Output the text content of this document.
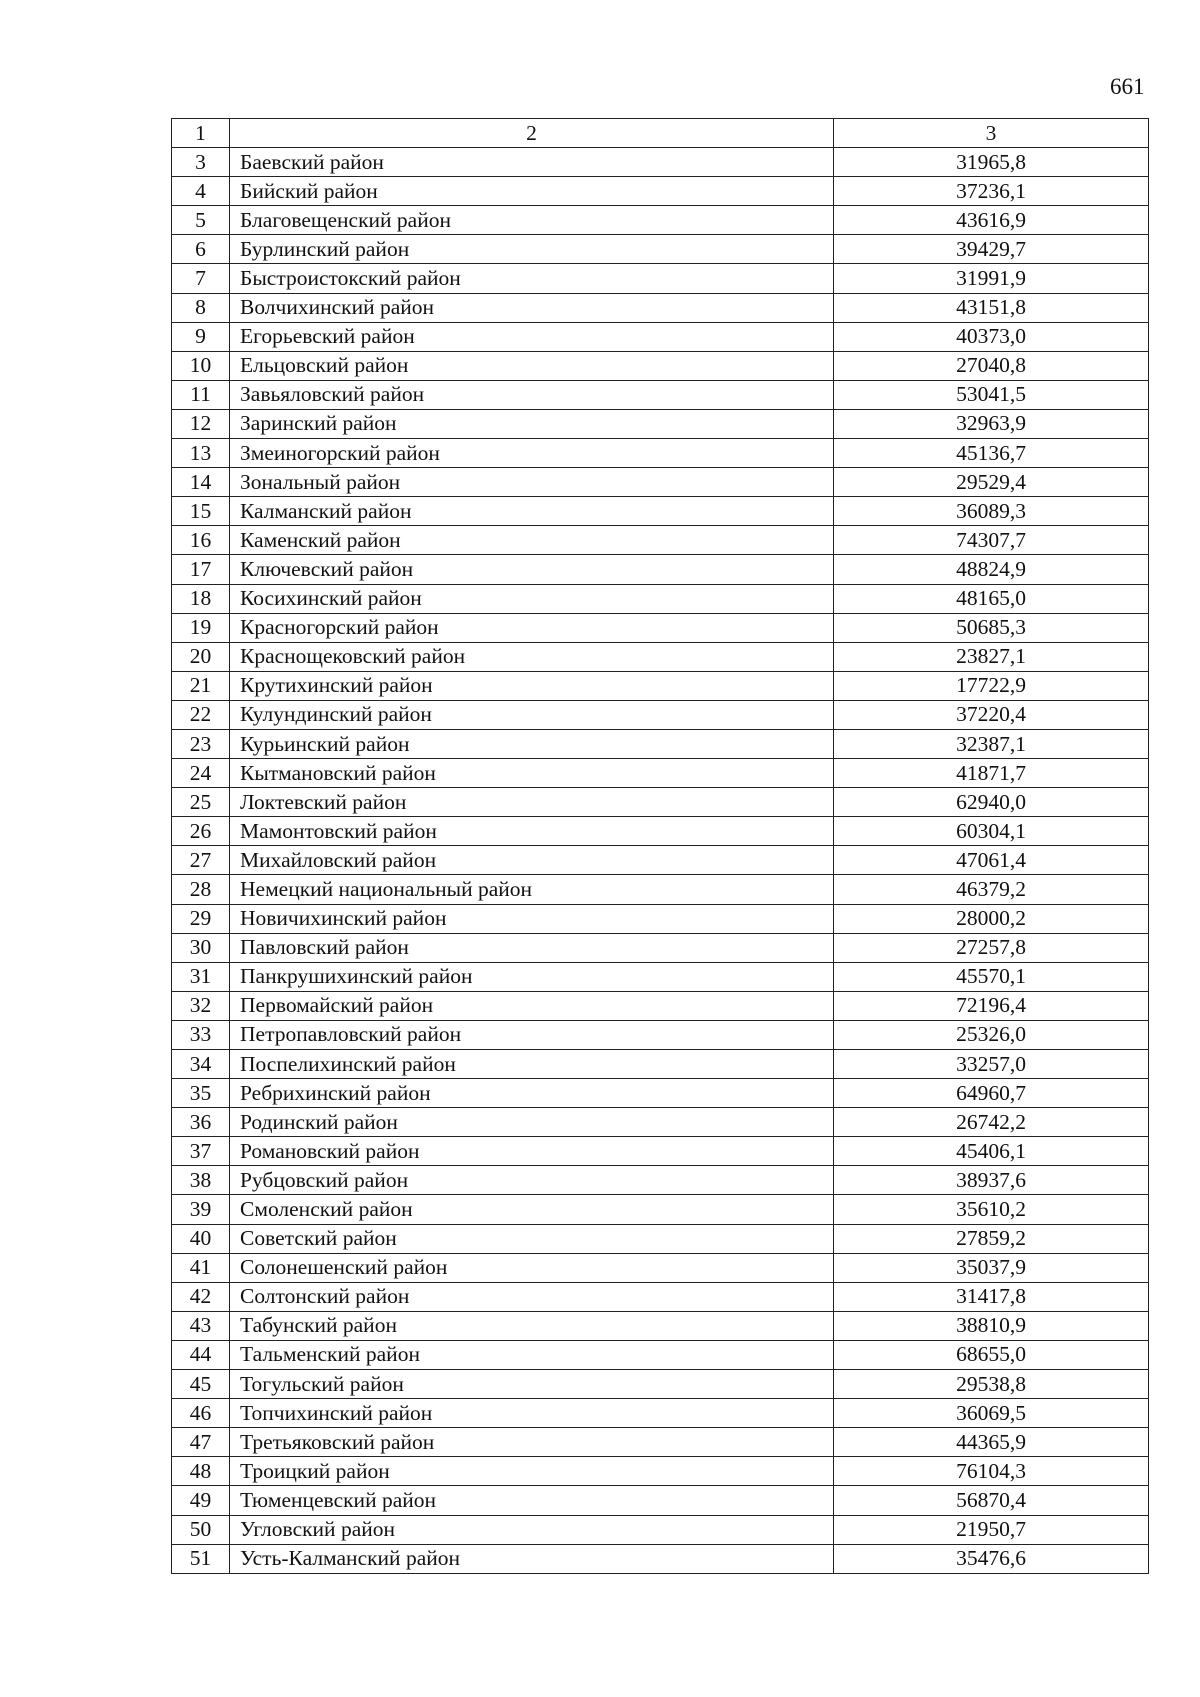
661
1	2	3
3	Баевский район	31965,8
4	Бийский район	37236,1
5	Благовещенский район	43616,9
6	Бурлинский район	39429,7
7	Быстроистокский район	31991,9
8	Волчихинский район	43151,8
9	Егорьевский район	40373,0
10	Ельцовский район	27040,8
11	Завьяловский район	53041,5
12	Заринский район	32963,9
13	Змеиногорский район	45136,7
14	Зональный район	29529,4
15	Калманский район	36089,3
16	Каменский район	74307,7
17	Ключевский район	48824,9
18	Косихинский район	48165,0
19	Красногорский район	50685,3
20	Краснощековский район	23827,1
21	Крутихинский район	17722,9
22	Кулундинский район	37220,4
23	Курьинский район	32387,1
24	Кытмановский район	41871,7
25	Локтевский район	62940,0
26	Мамонтовский район	60304,1
27	Михайловский район	47061,4
28	Немецкий национальный район	46379,2
29	Новичихинский район	28000,2
30	Павловский район	27257,8
31	Панкрушихинский район	45570,1
32	Первомайский район	72196,4
33	Петропавловский район	25326,0
34	Поспелихинский район	33257,0
35	Ребрихинский район	64960,7
36	Родинский район	26742,2
37	Романовский район	45406,1
38	Рубцовский район	38937,6
39	Смоленский район	35610,2
40	Советский район	27859,2
41	Солонешенский район	35037,9
42	Солтонский район	31417,8
43	Табунский район	38810,9
44	Тальменский район	68655,0
45	Тогульский район	29538,8
46	Топчихинский район	36069,5
47	Третьяковский район	44365,9
48	Троицкий район	76104,3
49	Тюменцевский район	56870,4
50	Угловский район	21950,7
51	Усть-Калманский район	35476,6
